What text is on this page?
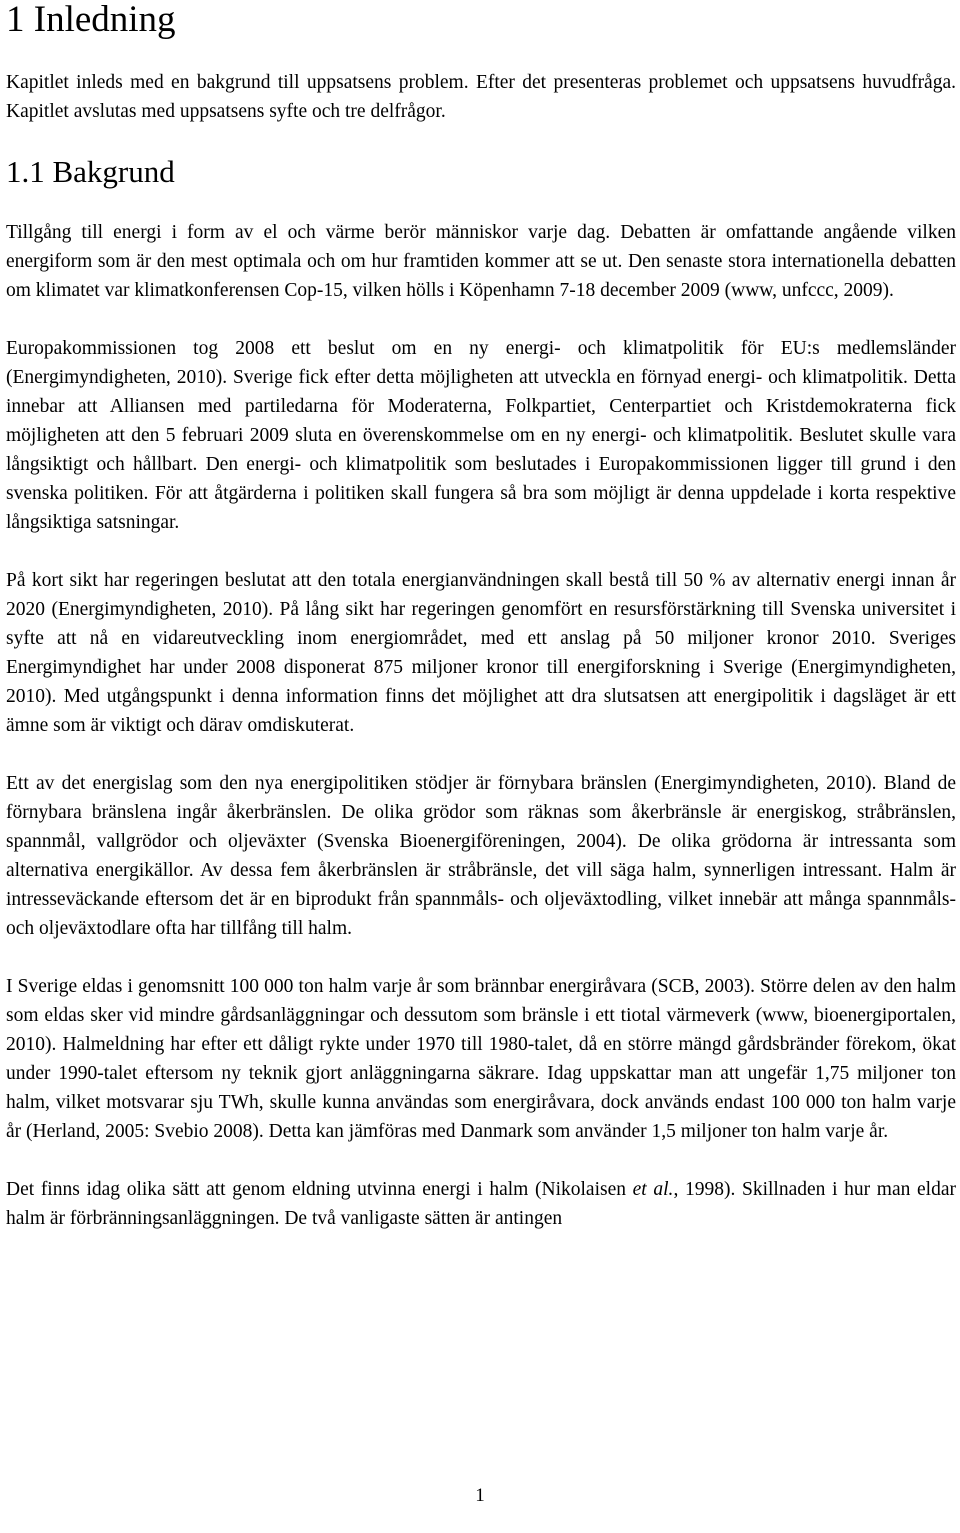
1 Inledning

Kapitlet inleds med en bakgrund till uppsatsens problem. Efter det presenteras problemet och uppsatsens huvudfråga. Kapitlet avslutas med uppsatsens syfte och tre delfrågor.

1.1 Bakgrund

Tillgång till energi i form av el och värme berör människor varje dag. Debatten är omfattande angående vilken energiform som är den mest optimala och om hur framtiden kommer att se ut. Den senaste stora internationella debatten om klimatet var klimatkonferensen Cop-15, vilken hölls i Köpenhamn 7-18 december 2009 (www, unfccc, 2009).

Europakommissionen tog 2008 ett beslut om en ny energi- och klimatpolitik för EU:s medlemsländer (Energimyndigheten, 2010). Sverige fick efter detta möjligheten att utveckla en förnyad energi- och klimatpolitik. Detta innebar att Alliansen med partiledarna för Moderaterna, Folkpartiet, Centerpartiet och Kristdemokraterna fick möjligheten att den 5 februari 2009 sluta en överenskommelse om en ny energi- och klimatpolitik. Beslutet skulle vara långsiktigt och hållbart. Den energi- och klimatpolitik som beslutades i Europakommissionen ligger till grund i den svenska politiken. För att åtgärderna i politiken skall fungera så bra som möjligt är denna uppdelade i korta respektive långsiktiga satsningar.

På kort sikt har regeringen beslutat att den totala energianvändningen skall bestå till 50 % av alternativ energi innan år 2020 (Energimyndigheten, 2010). På lång sikt har regeringen genomfört en resursförstärkning till Svenska universitet i syfte att nå en vidareutveckling inom energiområdet, med ett anslag på 50 miljoner kronor 2010. Sveriges Energimyndighet har under 2008 disponerat 875 miljoner kronor till energiforskning i Sverige (Energimyndigheten, 2010). Med utgångspunkt i denna information finns det möjlighet att dra slutsatsen att energipolitik i dagsläget är ett ämne som är viktigt och därav omdiskuterat.

Ett av det energislag som den nya energipolitiken stödjer är förnybara bränslen (Energimyndigheten, 2010). Bland de förnybara bränslena ingår åkerbränslen. De olika grödor som räknas som åkerbränsle är energiskog, stråbränslen, spannmål, vallgrödor och oljeväxter (Svenska Bioenergiföreningen, 2004). De olika grödorna är intressanta som alternativa energikällor. Av dessa fem åkerbränslen är stråbränsle, det vill säga halm, synnerligen intressant. Halm är intresseväckande eftersom det är en biprodukt från spannmåls- och oljeväxtodling, vilket innebär att många spannmåls- och oljeväxtodlare ofta har tillfång till halm.

I Sverige eldas i genomsnitt 100 000 ton halm varje år som brännbar energiråvara (SCB, 2003). Större delen av den halm som eldas sker vid mindre gårdsanläggningar och dessutom som bränsle i ett tiotal värmeverk (www, bioenergiportalen, 2010). Halmeldning har efter ett dåligt rykte under 1970 till 1980-talet, då en större mängd gårdsbränder förekom, ökat under 1990-talet eftersom ny teknik gjort anläggningarna säkrare. Idag uppskattar man att ungefär 1,75 miljoner ton halm, vilket motsvarar sju TWh, skulle kunna användas som energiråvara, dock används endast 100 000 ton halm varje år (Herland, 2005: Svebio 2008). Detta kan jämföras med Danmark som använder 1,5 miljoner ton halm varje år.

Det finns idag olika sätt att genom eldning utvinna energi i halm (Nikolaisen et al., 1998). Skillnaden i hur man eldar halm är förbränningsanläggningen. De två vanligaste sätten är antingen

1
